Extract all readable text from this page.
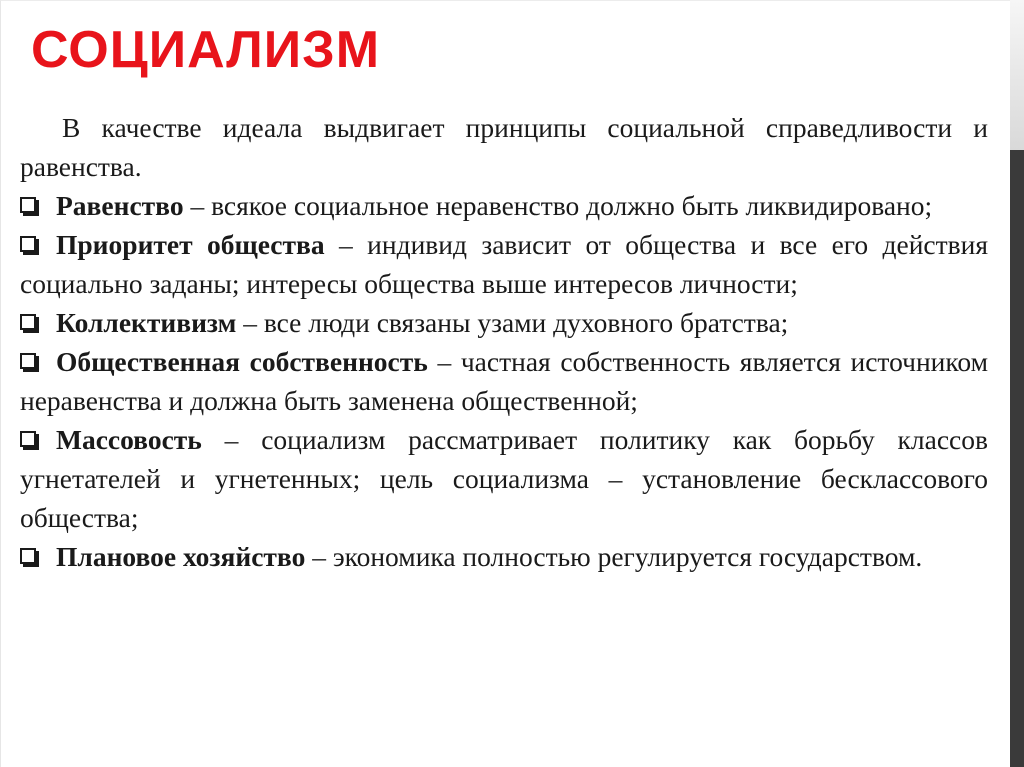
СОЦИАЛИЗМ

В качестве идеала выдвигает принципы социальной справедливости и равенства.

Равенство – всякое социальное неравенство должно быть ликвидировано;
Приоритет общества – индивид зависит от общества и все его действия социально заданы; интересы общества выше интересов личности;
Коллективизм – все люди связаны узами духовного братства;
Общественная собственность – частная собственность является источником неравенства и должна быть заменена общественной;
Массовость – социализм рассматривает политику как борьбу классов угнетателей и угнетенных; цель социализма – установление бесклассового общества;
Плановое хозяйство – экономика полностью регулируется государством.
